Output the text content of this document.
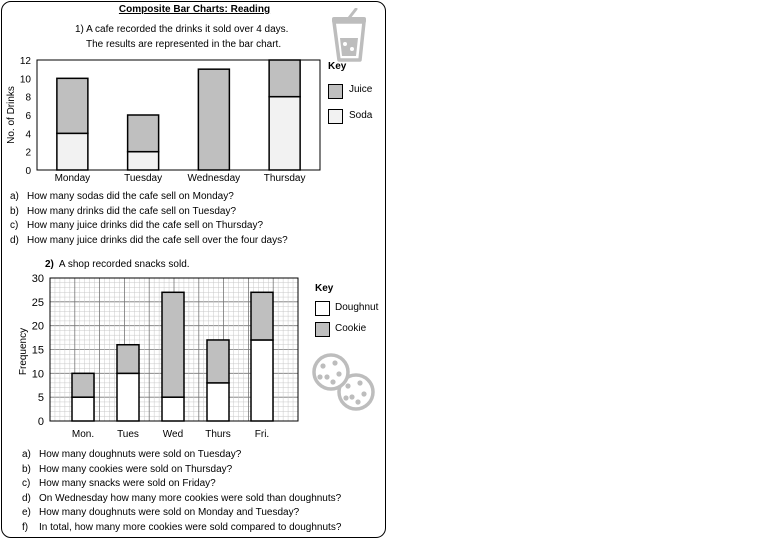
Composite Bar Charts: Reading
1) A cafe recorded the drinks it sold over 4 days.
The results are represented in the bar chart.
0
2
4
6
8
10
12
No. of Drinks
Monday	Tuesday	Wednesday Thursday
Key
Juice
Soda
a) How many sodas did the cafe sell on Monday?
b) How many drinks did the cafe sell on Tuesday?
c) How many juice drinks did the cafe sell on Thursday?
d) How many juice drinks did the cafe sell over the four days?
2) A shop recorded snacks sold.
0
5
10
15
20
25
30
Frequency
Mon. Tues Wed Thurs Fri.
Key
Doughnut
Cookie
a) How many doughnuts were sold on Tuesday?
b) How many cookies were sold on Thursday?
c) How many snacks were sold on Friday?
d) On Wednesday how many more cookies were sold than doughnuts?
e) How many doughnuts were sold on Monday and Tuesday?
f) In total, how many more cookies were sold compared to doughnuts?
